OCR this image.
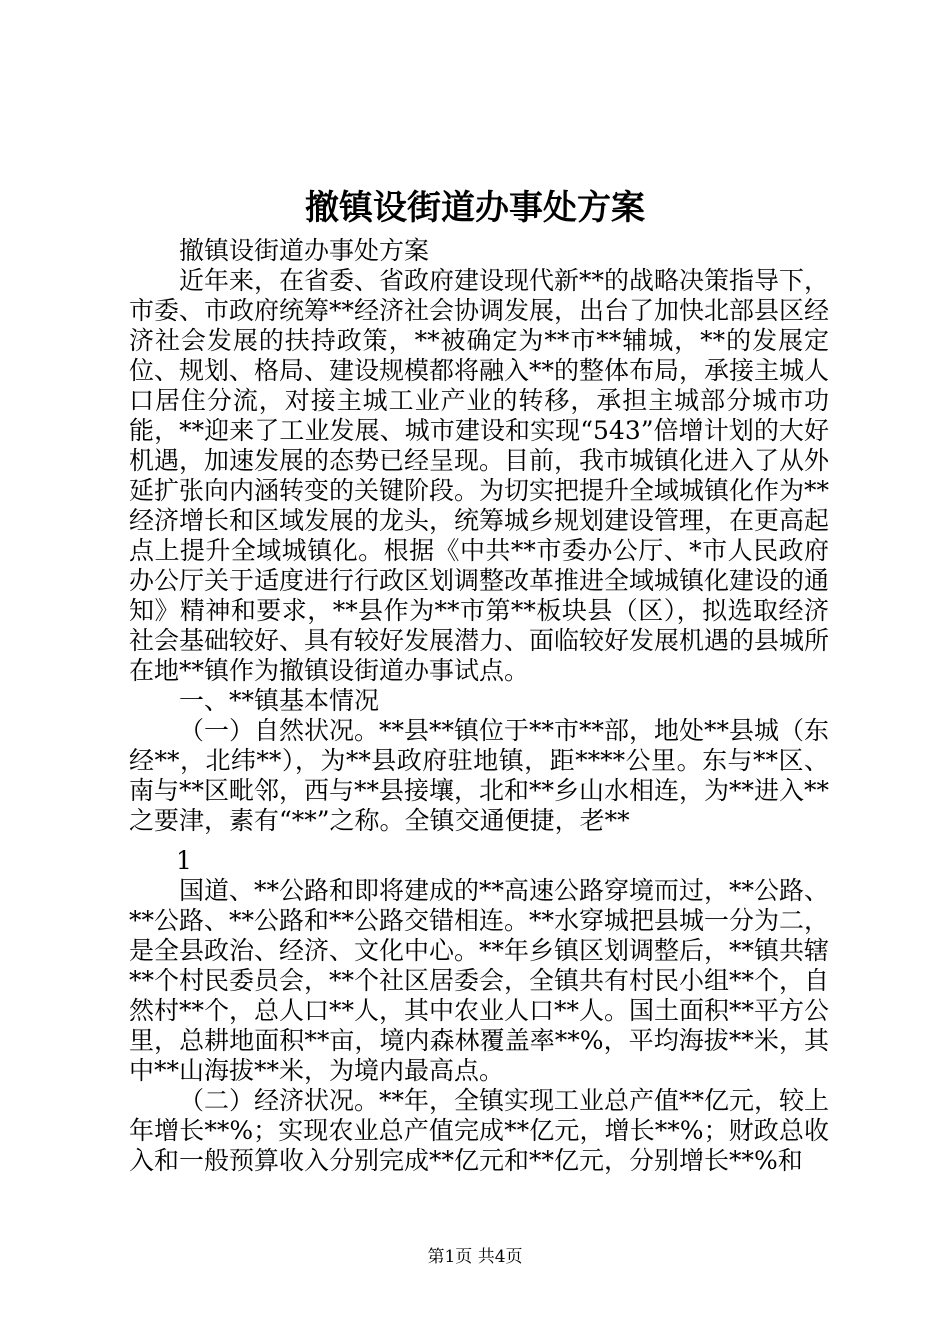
撤镇设街道办事处方案

撤镇设街道办事处方案

近年来，在省委、省政府建设现代新**的战略决策指导下，市委、市政府统筹**经济社会协调发展，出台了加快北部县区经济社会发展的扶持政策，**被确定为**市**辅城，**的发展定位、规划、格局、建设规模都将融入**的整体布局，承接主城人口居住分流，对接主城工业产业的转移，承担主城部分城市功能，**迎来了工业发展、城市建设和实现“543”倍增计划的大好机遇，加速发展的态势已经呈现。目前，我市城镇化进入了从外延扩张向内涵转变的关键阶段。为切实把提升全域城镇化作为**经济增长和区域发展的龙头，统筹城乡规划建设管理，在更高起点上提升全域城镇化。根据《中共**市委办公厅、*市人民政府办公厅关于适度进行行政区划调整改革推进全域城镇化建设的通知》精神和要求，**县作为**市第**板块县（区），拟选取经济社会基础较好、具有较好发展潜力、面临较好发展机遇的县城所在地**镇作为撤镇设街道办事试点。

一、**镇基本情况

（一）自然状况。**县**镇位于**市**部，地处**县城（东经**，北纬**），为**县政府驻地镇，距****公里。东与**区、南与**区毗邻，西与**县接壤，北和**乡山水相连，为**进入**之要津，素有“**”之称。全镇交通便捷，老**

1

国道、**公路和即将建成的**高速公路穿境而过，**公路、**公路、**公路和**公路交错相连。**水穿城把县城一分为二，是全县政治、经济、文化中心。**年乡镇区划调整后，**镇共辖**个村民委员会，**个社区居委会，全镇共有村民小组**个，自然村**个，总人口**人，其中农业人口**人。国土面积**平方公里，总耕地面积**亩，境内森林覆盖率**%，平均海拔**米，其中**山海拔**米，为境内最高点。

（二）经济状况。**年，全镇实现工业总产值**亿元，较上年增长**%；实现农业总产值完成**亿元，增长**%；财政总收入和一般预算收入分别完成**亿元和**亿元，分别增长**%和

第1页 共4页
